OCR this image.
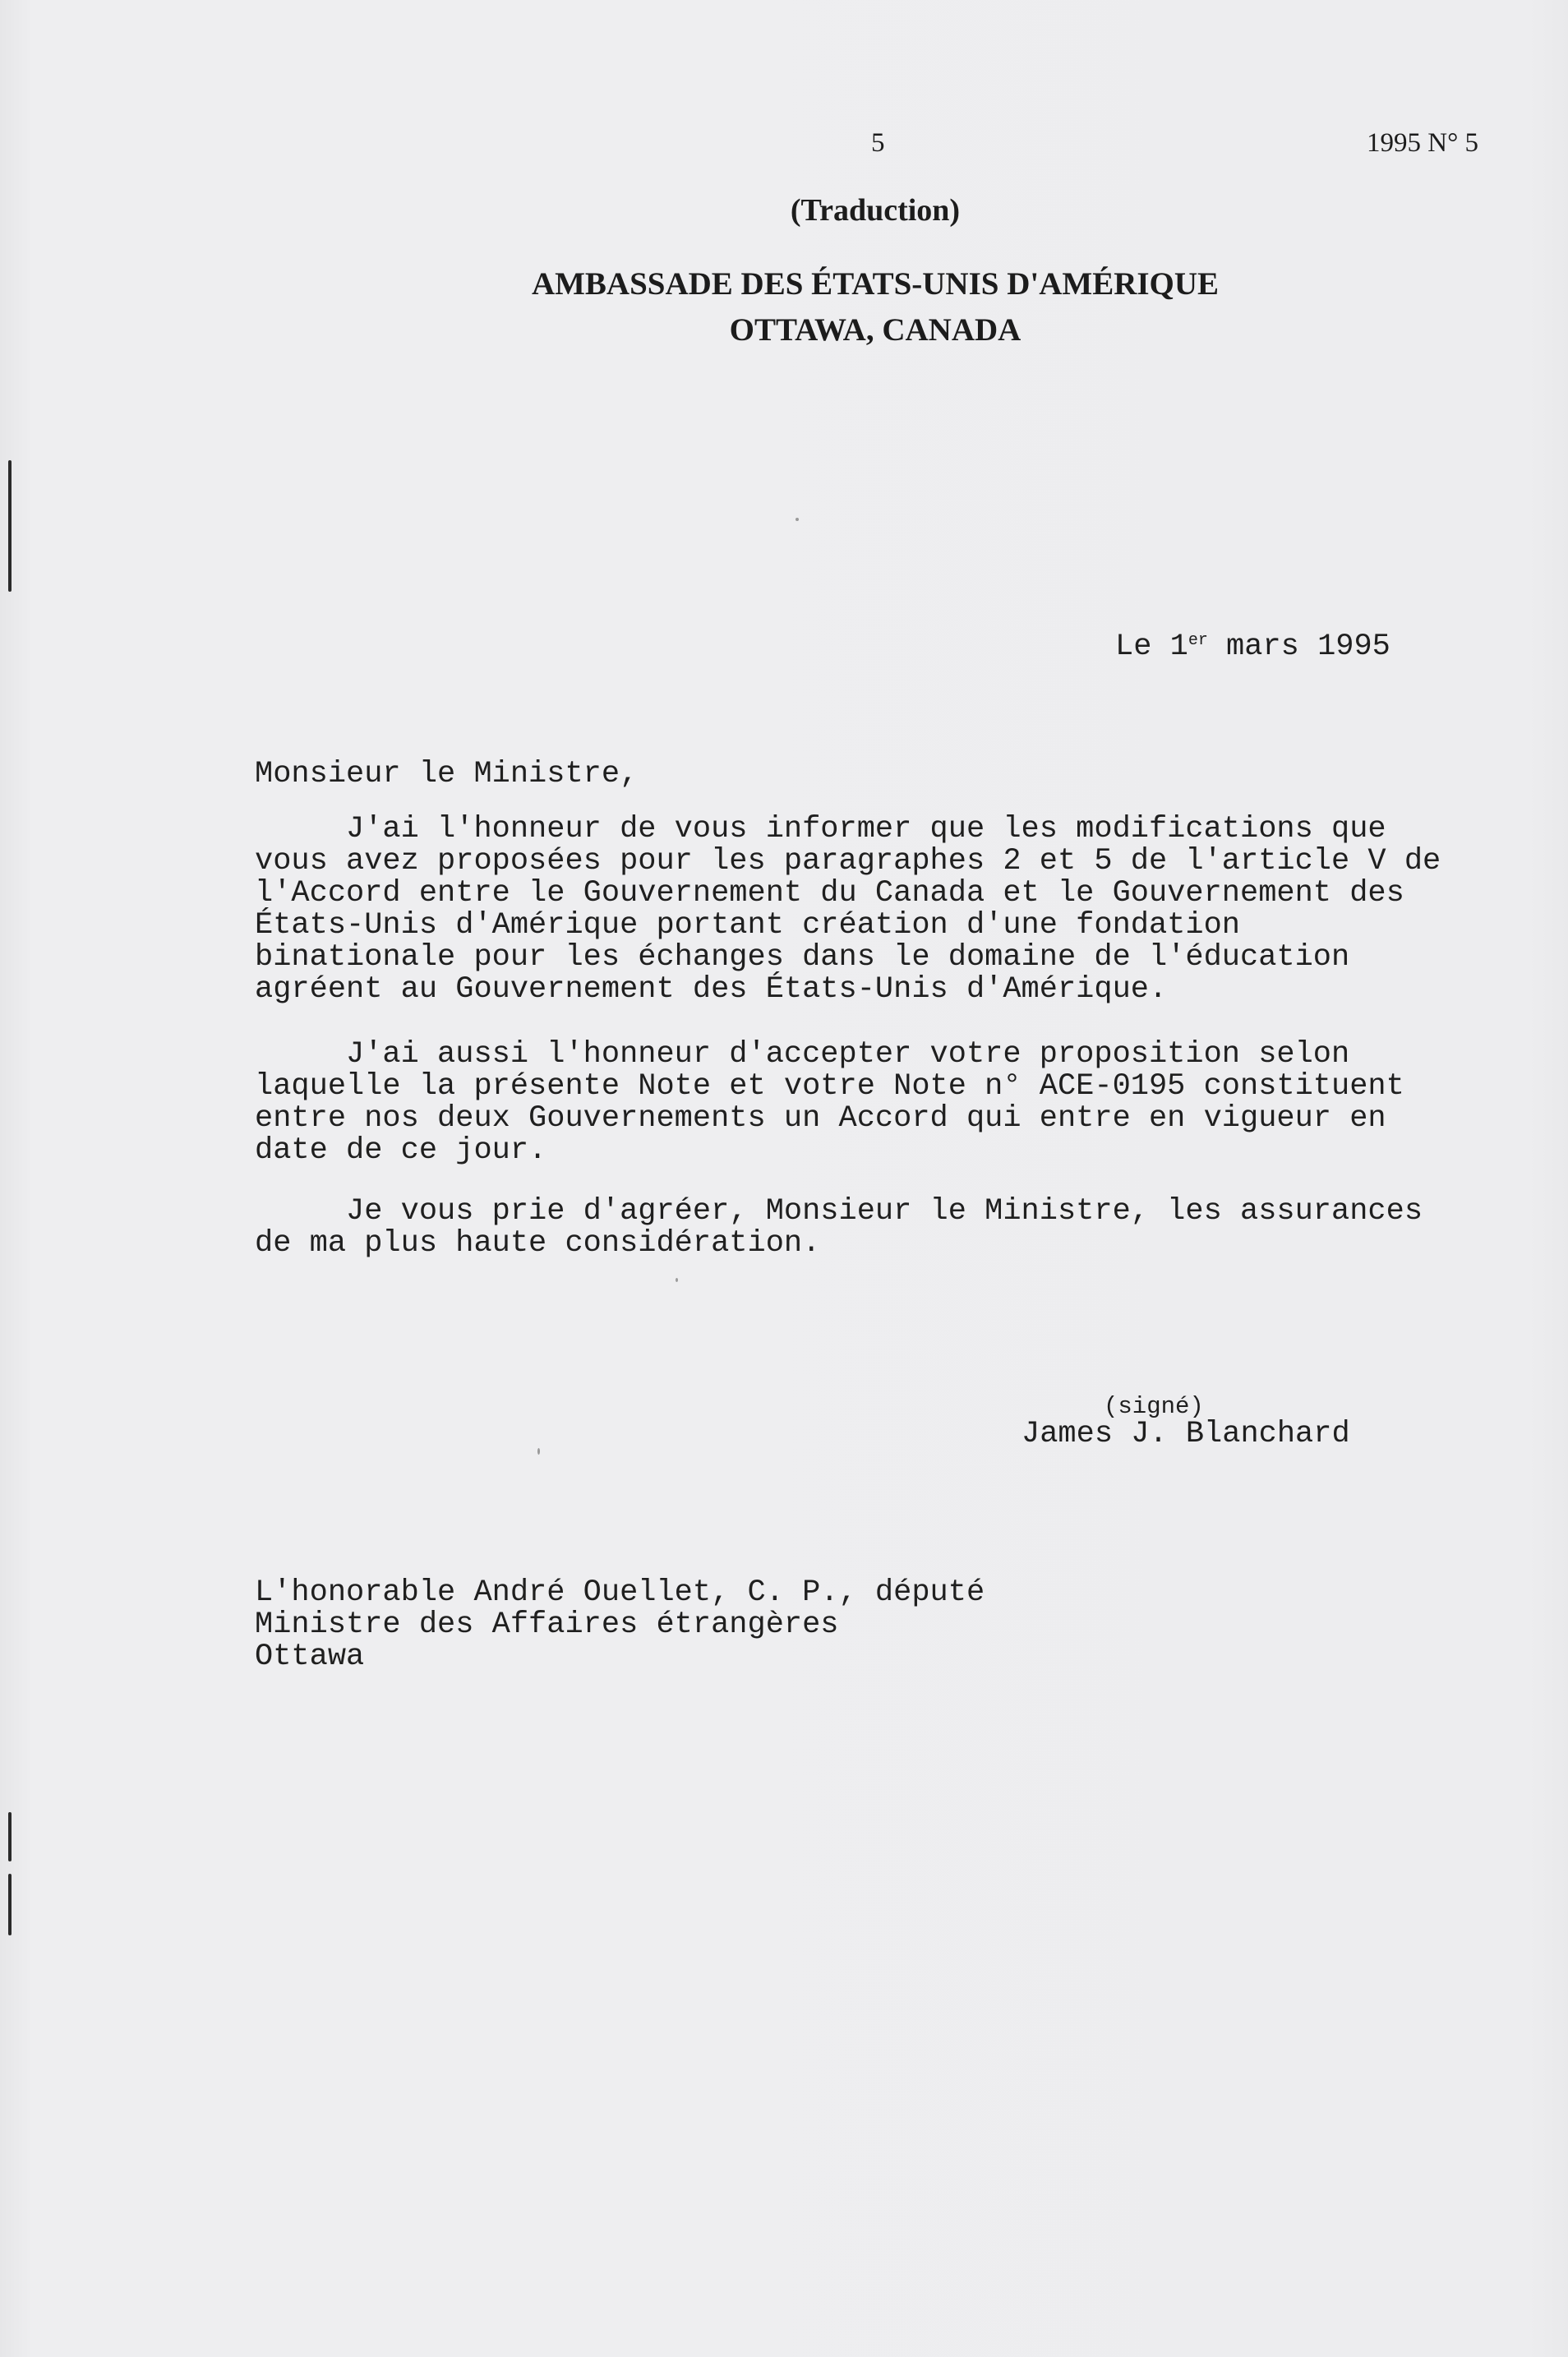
5	1995 N° 5
(Traduction)
AMBASSADE DES ÉTATS-UNIS D'AMÉRIQUE
OTTAWA, CANADA
Le 1er mars 1995
Monsieur le Ministre,
J'ai l'honneur de vous informer que les modifications que
vous avez proposées pour les paragraphes 2 et 5 de l'article V de
l'Accord entre le Gouvernement du Canada et le Gouvernement des
États-Unis d'Amérique portant création d'une fondation
binationale pour les échanges dans le domaine de l'éducation
agréent au Gouvernement des États-Unis d'Amérique.
J'ai aussi l'honneur d'accepter votre proposition selon
laquelle la présente Note et votre Note n° ACE-0195 constituent
entre nos deux Gouvernements un Accord qui entre en vigueur en
date de ce jour.
Je vous prie d'agréer, Monsieur le Ministre, les assurances
de ma plus haute considération.
(signé)
James J. Blanchard
L'honorable André Ouellet, C. P., député
Ministre des Affaires étrangères
Ottawa
